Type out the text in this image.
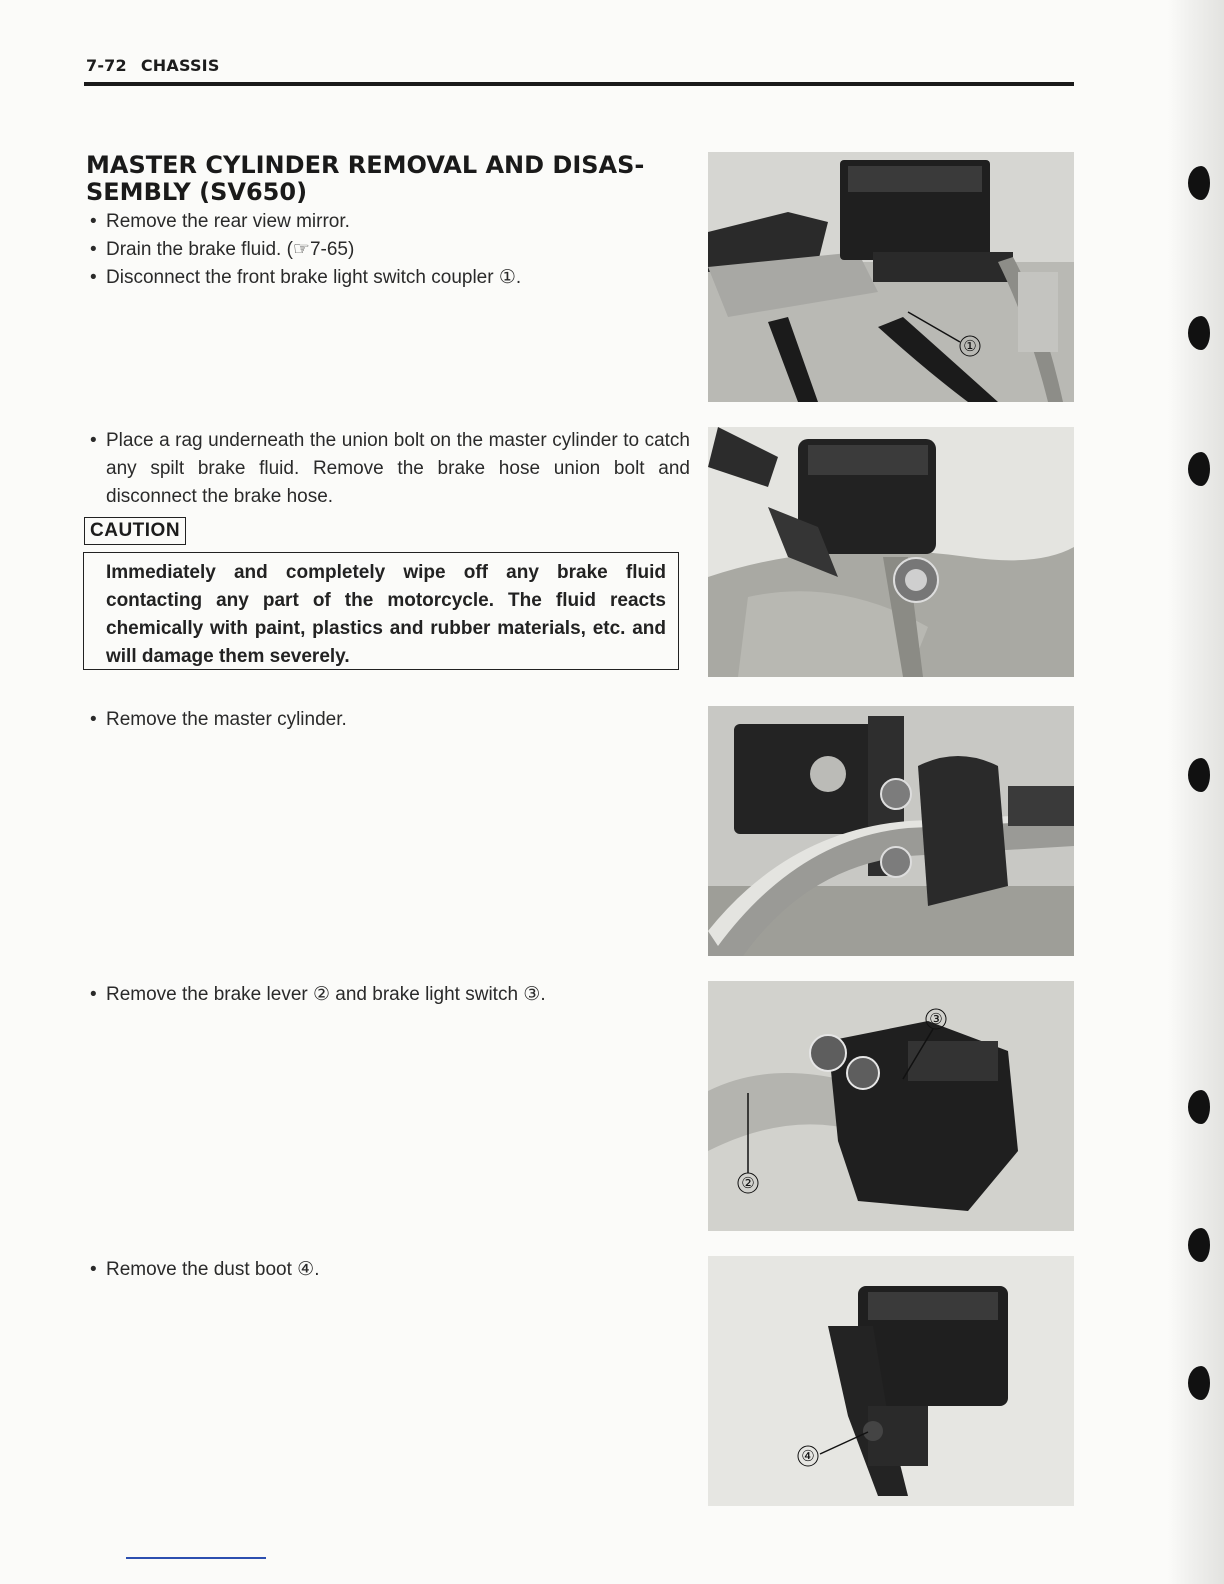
7-72 CHASSIS
MASTER CYLINDER REMOVAL AND DISAS-SEMBLY (SV650)
• Remove the rear view mirror.
• Drain the brake fluid. (☞7-65)
• Disconnect the front brake light switch coupler ①.
• Place a rag underneath the union bolt on the master cylinder to catch any spilt brake fluid. Remove the brake hose union bolt and disconnect the brake hose.
CAUTION

Immediately and completely wipe off any brake fluid contacting any part of the motorcycle. The fluid reacts chemically with paint, plastics and rubber materials, etc. and will damage them severely.

• Remove the master cylinder.
• Remove the brake lever ② and brake light switch ③.
• Remove the dust boot ④.
①
③
②
④
